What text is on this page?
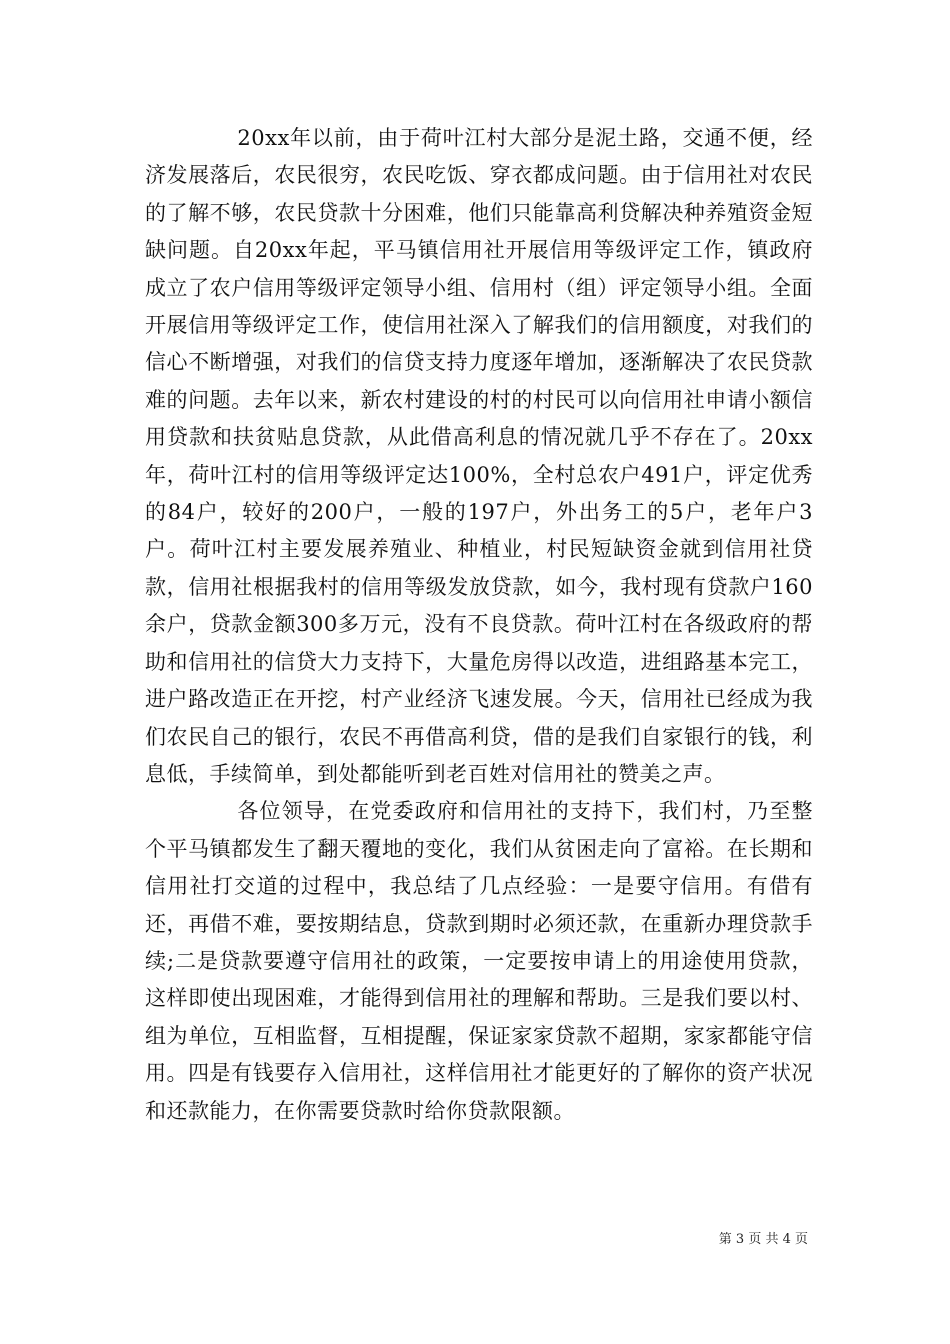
20xx年以前，由于荷叶江村大部分是泥土路，交通不便，经济发展落后，农民很穷，农民吃饭、穿衣都成问题。由于信用社对农民的了解不够，农民贷款十分困难，他们只能靠高利贷解决种养殖资金短缺问题。自20xx年起，平马镇信用社开展信用等级评定工作，镇政府成立了农户信用等级评定领导小组、信用村（组）评定领导小组。全面开展信用等级评定工作，使信用社深入了解我们的信用额度，对我们的信心不断增强，对我们的信贷支持力度逐年增加，逐渐解决了农民贷款难的问题。去年以来，新农村建设的村的村民可以向信用社申请小额信用贷款和扶贫贴息贷款，从此借高利息的情况就几乎不存在了。20xx年，荷叶江村的信用等级评定达100%，全村总农户491户，评定优秀的84户，较好的200户，一般的197户，外出务工的5户，老年户3户。荷叶江村主要发展养殖业、种植业，村民短缺资金就到信用社贷款，信用社根据我村的信用等级发放贷款，如今，我村现有贷款户160余户，贷款金额300多万元，没有不良贷款。荷叶江村在各级政府的帮助和信用社的信贷大力支持下，大量危房得以改造，进组路基本完工，进户路改造正在开挖，村产业经济飞速发展。今天，信用社已经成为我们农民自己的银行，农民不再借高利贷，借的是我们自家银行的钱，利息低，手续简单，到处都能听到老百姓对信用社的赞美之声。

各位领导，在党委政府和信用社的支持下，我们村，乃至整个平马镇都发生了翻天覆地的变化，我们从贫困走向了富裕。在长期和信用社打交道的过程中，我总结了几点经验：一是要守信用。有借有还，再借不难，要按期结息，贷款到期时必须还款，在重新办理贷款手续;二是贷款要遵守信用社的政策，一定要按申请上的用途使用贷款，这样即使出现困难，才能得到信用社的理解和帮助。三是我们要以村、组为单位，互相监督，互相提醒，保证家家贷款不超期，家家都能守信用。四是有钱要存入信用社，这样信用社才能更好的了解你的资产状况和还款能力，在你需要贷款时给你贷款限额。

第 3 页 共 4 页
